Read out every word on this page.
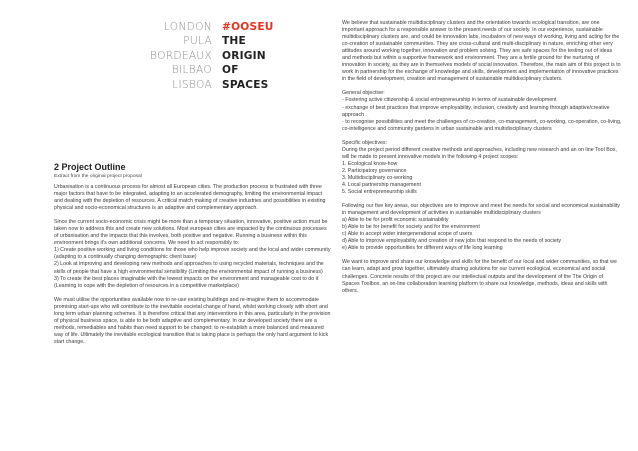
LONDON
PULA
BORDEAUX
BILBAO
LISBOA
#OOSEU
THE
ORIGIN
OF
SPACES
2 Project Outline
Extract from the original project proposal

Urbanisation is a continuous process for almost all European cities. The production process is frustrated with three major factors that have to be integrated, adapting to an accelerated demography, limiting the environmental impact and dealing with the depletion of resources. A critical match making of creative industries and possibilities in existing physical and socio-economical structures is an adaptive and complementary approach.

Since the current socio-economic crisis might be more than a temporary situation, innovative, positive action must be taken now to address this and create new solutions. Most european cities are impacted by the continuous processes of urbanisation and the impacts that this involves, both positive and negative. Running a business within this environment brings it's own additional concerns. We need to act responsibly to:
1) Create positive working and living conditions for those who help improve society and the local and wider community (adapting to a continually changing demographic client base)
2) Look at improving and developing new methods and approaches to using recycled materials, techniques and the skills of people that have a high environmental sensibility (Limiting the environmental impact of running a business)
3) To create the best places imaginable with the lowest impacts on the environment and manageable cost to do it (Learning to cope with the depletion of resources in a competitive marketplace)

We must utilise the opportunities available now to re-use existing buildings and re-imagine them to accommodate promising start-ups who will contribute to the inevitable societal change of hand, whilst working closely with short and long term urban planning schemes. It is therefore critical that any interventions in this area, particularly in the provision of physical business space, is able to be both adaptive and complementary. In our developed society there are a methods, remediables and habits than need support to be changed; to re-establish a more balanced and measured way of life. Ultimately the inevitable ecological transition that is taking place is perhaps the only hard argument to kick start change.

We believe that sustainable multidisciplinary clusters and the orientation towards ecological transition, are one important approach for a responsible answer to the present needs of our society. In our experience, sustainable multidisciplinary clusters are, and could be innovation labs, incubators of new ways of working, living and acting for the co-creation of sustainable communities. They are cross-cultural and multi-disciplinary in nature, enriching other very attitudes around working together, innovation and problem solving. They are safe spaces for the testing out of ideas and methods but within a supportive framework and environment. They are a fertile ground for the nurturing of innovation in society, as they are in themselves models of social innovation. Therefore, the main aim of this project is to work in partnership for the exchange of knowledge and skills, development and implementation of innovative practices in the field of development, creation and management of sustainable multidisciplinary clusters.

General objective:
- Fostering active citizenship & social entrepreneurship in terms of sustainable development
- exchange of best practices that improve employability, inclusion, creativity and learning through adaptive/creative approach
- to recognise possibilities and meet the challenges of co-creation, co-management, co-working, co-operation, co-living, co-intelligence and community gardens in urban sustainable and multidisciplinary clusters

Specific objectives:
During the project period different creative methods and approaches, including new research and an on line Tool Box, will be made to present innovative models in the following 4 project scopes:
1. Ecological know-how
2. Participatory governance
3. Multidisciplinary co-working
4. Local partnership management
5. Social entrepreneurship skills

Following our five key areas, our objectives are to improve and meet the needs for social and economical sustainability in management and development of activities in sustainable multidisciplinary clusters
a) Able to be for profit economic sustainability
b) Able to be for benefit for society and for the environment
c) Able to accept wider intergenerational scope of users
d) Able to improve employability and creation of new jobs that respond to the needs of society
e) Able to provide opportunities for different ways of life long learning

We want to improve and share our knowledge and skills for the benefit of our local and wider communities, so that we can learn, adapt and grow together, ultimately sharing solutions for our current ecological, economical and social challenges. Concrete results of this project are our intellectual outputs and the development of the The Origin of Spaces Toolbox, an on-line collaboration learning platform to share our knowledge, methods, ideas and skills with others.
